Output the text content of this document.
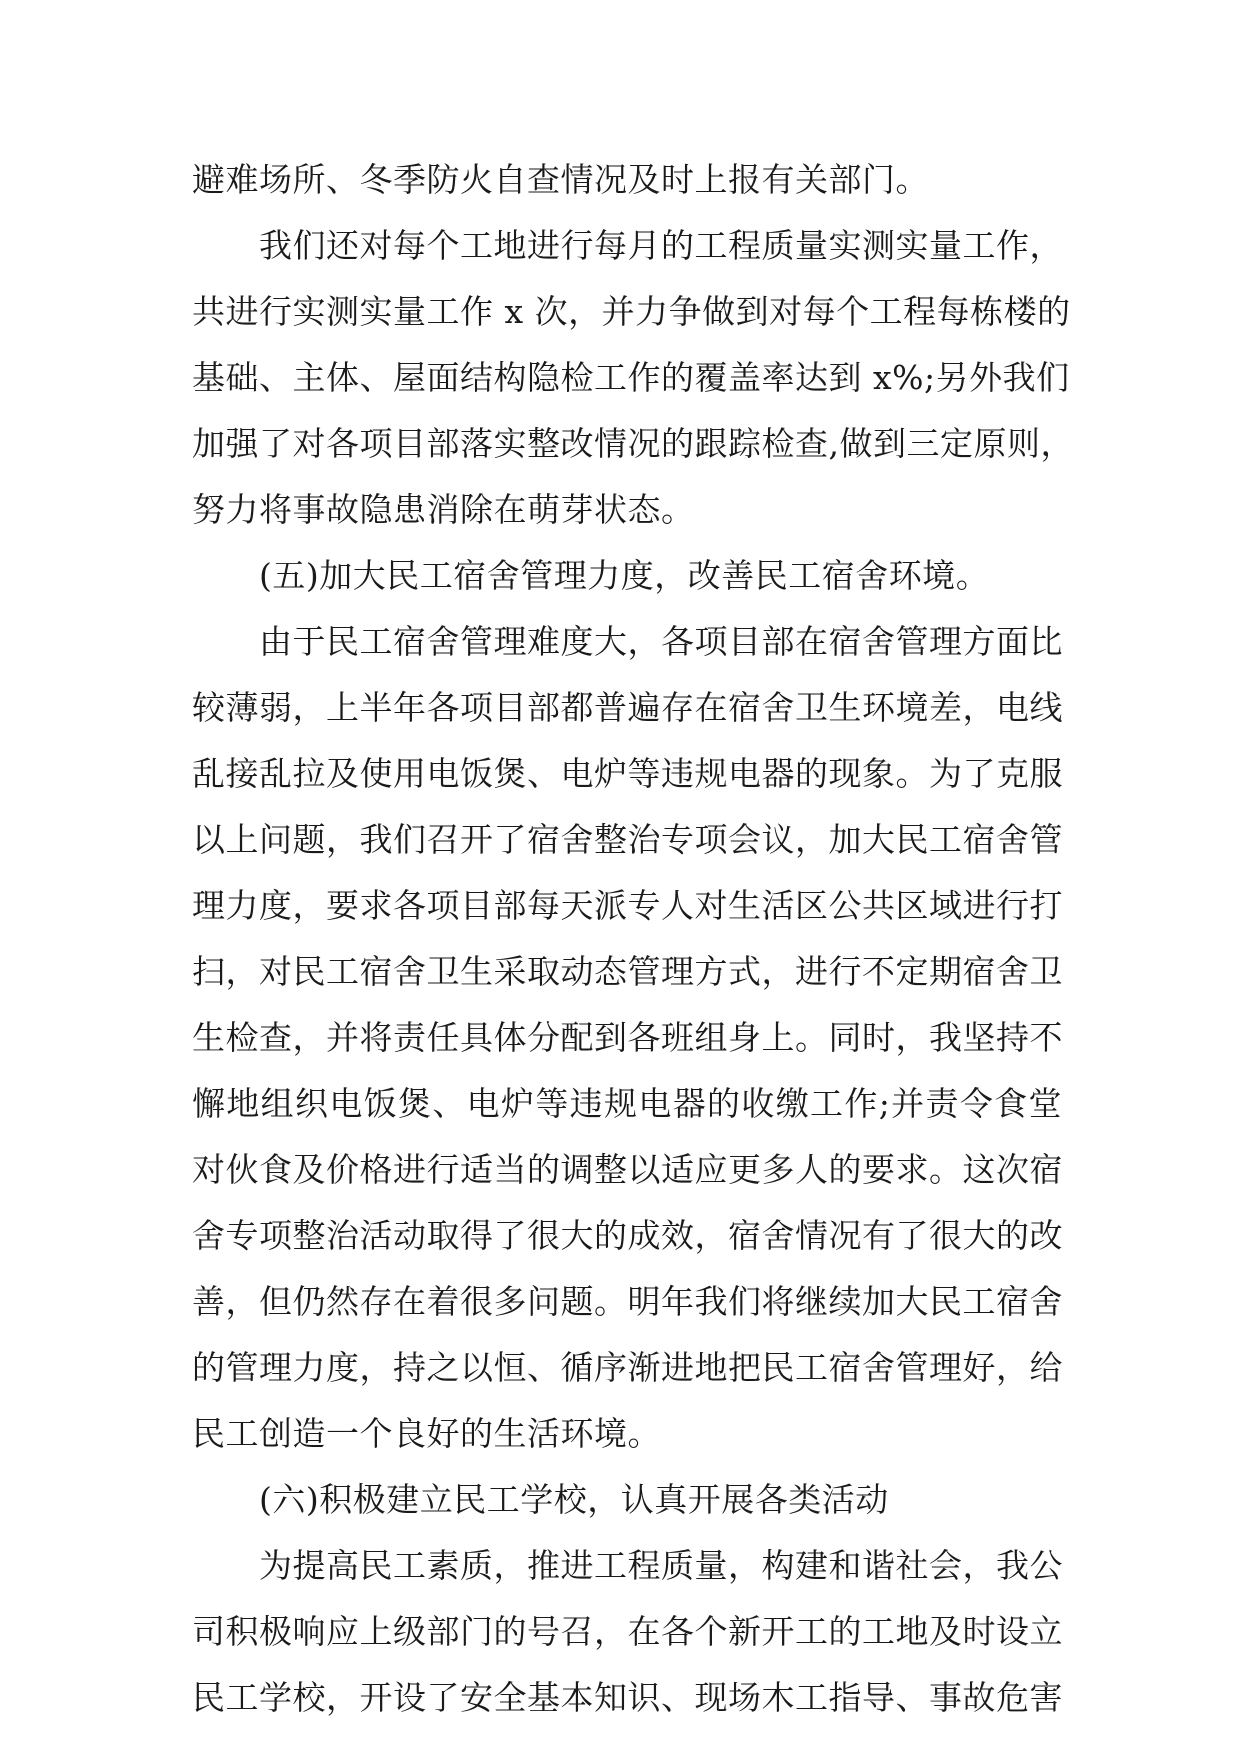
避难场所、冬季防火自查情况及时上报有关部门。
我们还对每个工地进行每月的工程质量实测实量工作，
共进行实测实量工作 x 次，并力争做到对每个工程每栋楼的
基础、主体、屋面结构隐检工作的覆盖率达到 x%;另外我们
加强了对各项目部落实整改情况的跟踪检查,做到三定原则，
努力将事故隐患消除在萌芽状态。
(五)加大民工宿舍管理力度，改善民工宿舍环境。
由于民工宿舍管理难度大，各项目部在宿舍管理方面比
较薄弱，上半年各项目部都普遍存在宿舍卫生环境差，电线
乱接乱拉及使用电饭煲、电炉等违规电器的现象。为了克服
以上问题，我们召开了宿舍整治专项会议，加大民工宿舍管
理力度，要求各项目部每天派专人对生活区公共区域进行打
扫，对民工宿舍卫生采取动态管理方式，进行不定期宿舍卫
生检查，并将责任具体分配到各班组身上。同时，我坚持不
懈地组织电饭煲、电炉等违规电器的收缴工作;并责令食堂
对伙食及价格进行适当的调整以适应更多人的要求。这次宿
舍专项整治活动取得了很大的成效，宿舍情况有了很大的改
善，但仍然存在着很多问题。明年我们将继续加大民工宿舍
的管理力度，持之以恒、循序渐进地把民工宿舍管理好，给
民工创造一个良好的生活环境。
(六)积极建立民工学校，认真开展各类活动
为提高民工素质，推进工程质量，构建和谐社会，我公
司积极响应上级部门的号召，在各个新开工的工地及时设立
民工学校，开设了安全基本知识、现场木工指导、事故危害
